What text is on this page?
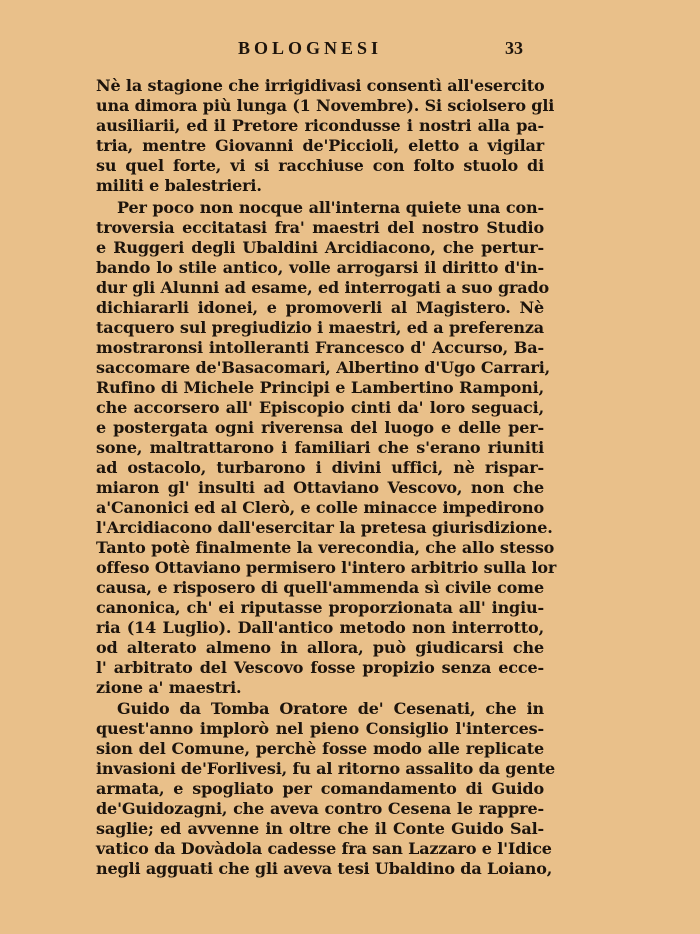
BOLOGNESI	33
Nè la stagione che irrigidivasi consentì all'esercito
una dimora più lunga (1 Novembre). Si sciolsero gli
ausiliarii, ed il Pretore ricondusse i nostri alla pa-
tria, mentre Giovanni de'Piccioli, eletto a vigilar
su quel forte, vi si racchiuse con folto stuolo di
militi e balestrieri.
Per poco non nocque all'interna quiete una con-
troversia eccitatasi fra' maestri del nostro Studio
e Ruggeri degli Ubaldini Arcidiacono, che pertur-
bando lo stile antico, volle arrogarsi il diritto d'in-
dur gli Alunni ad esame, ed interrogati a suo grado
dichiararli idonei, e promoverli al Magistero. Nè
tacquero sul pregiudizio i maestri, ed a preferenza
mostraronsi intolleranti Francesco d' Accurso, Ba-
saccomare de'Basacomari, Albertino d'Ugo Carrari,
Rufino di Michele Principi e Lambertino Ramponi,
che accorsero all' Episcopio cinti da' loro seguaci,
e postergata ogni riverensa del luogo e delle per-
sone, maltrattarono i familiari che s'erano riuniti
ad ostacolo, turbarono i divini uffici, nè rispar-
miaron gl' insulti ad Ottaviano Vescovo, non che
a'Canonici ed al Clerò, e colle minacce impedirono
l'Arcidiacono dall'esercitar la pretesa giurisdizione.
Tanto potè finalmente la verecondia, che allo stesso
offeso Ottaviano permisero l'intero arbitrio sulla lor
causa, e risposero di quell'ammenda sì civile come
canonica, ch' ei riputasse proporzionata all' ingiu-
ria (14 Luglio). Dall'antico metodo non interrotto,
od alterato almeno in allora, può giudicarsi che
l' arbitrato del Vescovo fosse propizio senza ecce-
zione a' maestri.
Guido da Tomba Oratore de' Cesenati, che in
quest'anno implorò nel pieno Consiglio l'interces-
sion del Comune, perchè fosse modo alle replicate
invasioni de'Forlivesi, fu al ritorno assalito da gente
armata, e spogliato per comandamento di Guido
de'Guidozagni, che aveva contro Cesena le rappre-
saglie; ed avvenne in oltre che il Conte Guido Sal-
vatico da Dovàdola cadesse fra san Lazzaro e l'Idice
negli agguati che gli aveva tesi Ubaldino da Loiano,
